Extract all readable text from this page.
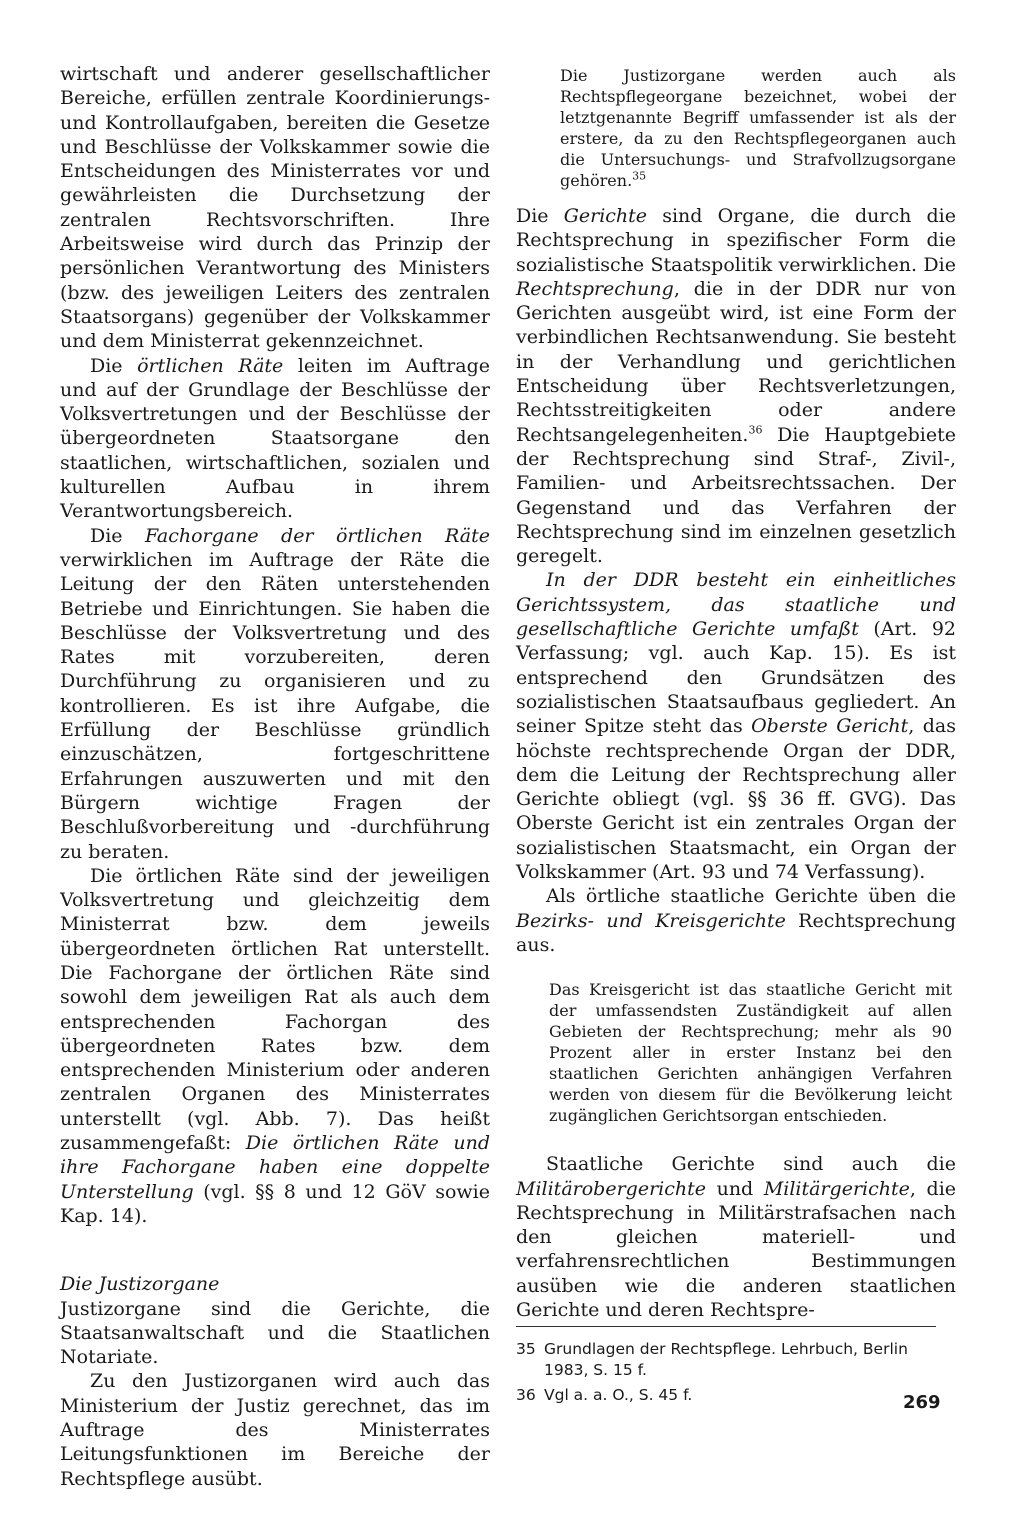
wirtschaft und anderer gesellschaftlicher Bereiche, erfüllen zentrale Koordinierungs- und Kontrollaufgaben, bereiten die Gesetze und Beschlüsse der Volkskammer sowie die Entscheidungen des Ministerrates vor und gewährleisten die Durchsetzung der zentralen Rechtsvorschriften. Ihre Arbeitsweise wird durch das Prinzip der persönlichen Verantwortung des Ministers (bzw. des jeweiligen Leiters des zentralen Staatsorgans) gegenüber der Volkskammer und dem Ministerrat gekennzeichnet.

Die örtlichen Räte leiten im Auftrage und auf der Grundlage der Beschlüsse der Volksvertretungen und der Beschlüsse der übergeordneten Staatsorgane den staatlichen, wirtschaftlichen, sozialen und kulturellen Aufbau in ihrem Verantwortungsbereich.

Die Fachorgane der örtlichen Räte verwirklichen im Auftrage der Räte die Leitung der den Räten unterstehenden Betriebe und Einrichtungen. Sie haben die Beschlüsse der Volksvertretung und des Rates mit vorzubereiten, deren Durchführung zu organisieren und zu kontrollieren. Es ist ihre Aufgabe, die Erfüllung der Beschlüsse gründlich einzuschätzen, fortgeschrittene Erfahrungen auszuwerten und mit den Bürgern wichtige Fragen der Beschlußvorbereitung und -durchführung zu beraten.

Die örtlichen Räte sind der jeweiligen Volksvertretung und gleichzeitig dem Ministerrat bzw. dem jeweils übergeordneten örtlichen Rat unterstellt. Die Fachorgane der örtlichen Räte sind sowohl dem jeweiligen Rat als auch dem entsprechenden Fachorgan des übergeordneten Rates bzw. dem entsprechenden Ministerium oder anderen zentralen Organen des Ministerrates unterstellt (vgl. Abb. 7). Das heißt zusammengefaßt: Die örtlichen Räte und ihre Fachorgane haben eine doppelte Unterstellung (vgl. §§ 8 und 12 GöV sowie Kap. 14).

Die Justizorgane

Justizorgane sind die Gerichte, die Staatsanwaltschaft und die Staatlichen Notariate.

Zu den Justizorganen wird auch das Ministerium der Justiz gerechnet, das im Auftrage des Ministerrates Leitungsfunktionen im Bereiche der Rechtspflege ausübt.

Die Justizorgane werden auch als Rechtspflegeorgane bezeichnet, wobei der letztgenannte Begriff umfassender ist als der erstere, da zu den Rechtspflegeorganen auch die Untersuchungs- und Strafvollzugsorgane gehören.$^{35}$

Die Gerichte sind Organe, die durch die Rechtsprechung in spezifischer Form die sozialistische Staatspolitik verwirklichen. Die Rechtsprechung, die in der DDR nur von Gerichten ausgeübt wird, ist eine Form der verbindlichen Rechtsanwendung. Sie besteht in der Verhandlung und gerichtlichen Entscheidung über Rechtsverletzungen, Rechtsstreitigkeiten oder andere Rechtsangelegenheiten.$^{36}$ Die Hauptgebiete der Rechtsprechung sind Straf-, Zivil-, Familien- und Arbeitsrechtssachen. Der Gegenstand und das Verfahren der Rechtsprechung sind im einzelnen gesetzlich geregelt.

In der DDR besteht ein einheitliches Gerichtssystem, das staatliche und gesellschaftliche Gerichte umfaßt (Art. 92 Verfassung; vgl. auch Kap. 15). Es ist entsprechend den Grundsätzen des sozialistischen Staatsaufbaus gegliedert. An seiner Spitze steht das Oberste Gericht, das höchste rechtsprechende Organ der DDR, dem die Leitung der Rechtsprechung aller Gerichte obliegt (vgl. §§ 36 ff. GVG). Das Oberste Gericht ist ein zentrales Organ der sozialistischen Staatsmacht, ein Organ der Volkskammer (Art. 93 und 74 Verfassung).

Als örtliche staatliche Gerichte üben die Bezirks- und Kreisgerichte Rechtsprechung aus.

Das Kreisgericht ist das staatliche Gericht mit der umfassendsten Zuständigkeit auf allen Gebieten der Rechtsprechung; mehr als 90 Prozent aller in erster Instanz bei den staatlichen Gerichten anhängigen Verfahren werden von diesem für die Bevölkerung leicht zugänglichen Gerichtsorgan entschieden.

Staatliche Gerichte sind auch die Militärobergerichte und Militärgerichte, die Rechtsprechung in Militärstrafsachen nach den gleichen materiell- und verfahrensrechtlichen Bestimmungen ausüben wie die anderen staatlichen Gerichte und deren Rechtspre-

35 Grundlagen der Rechtspflege. Lehrbuch, Berlin 1983, S. 15 f.
36 Vgl a. a. O., S. 45 f.	269
